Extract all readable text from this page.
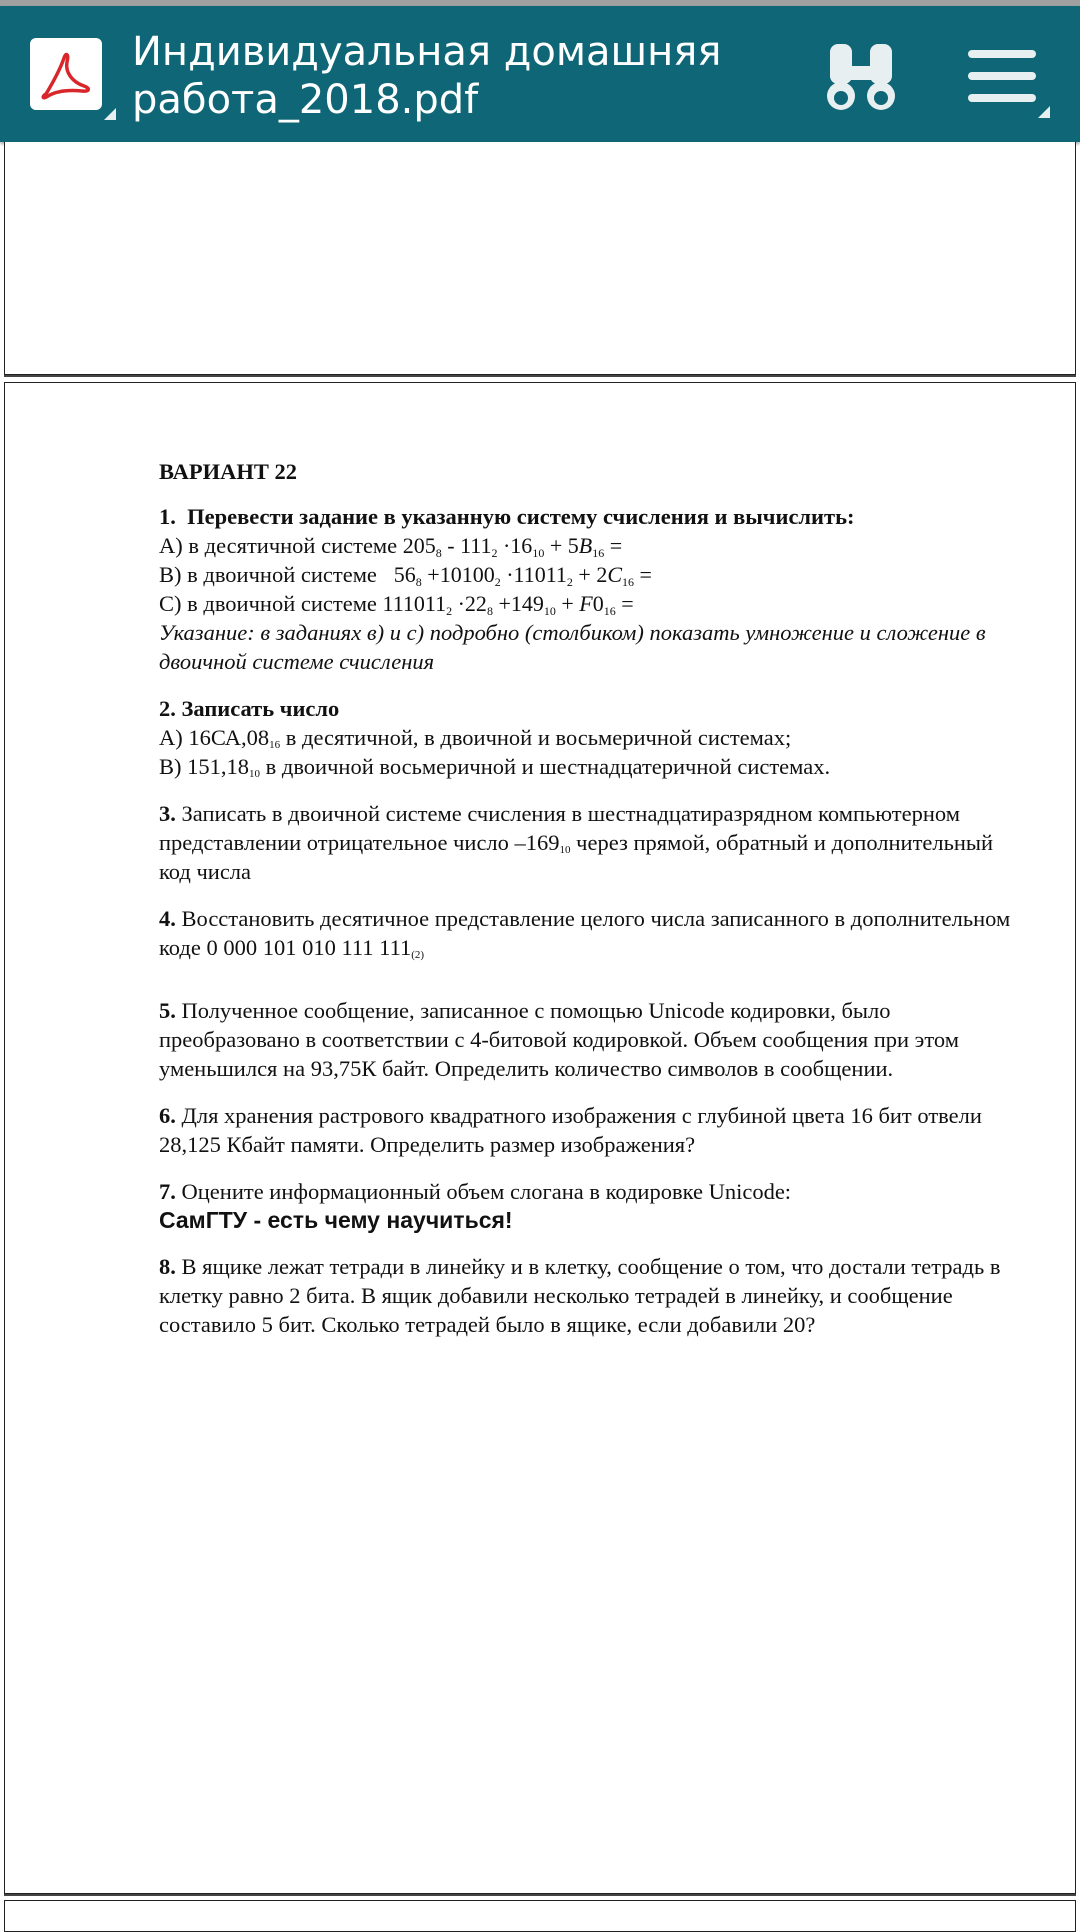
Индивидуальная домашняя работа_2018.pdf

ВАРИАНТ 22

1. Перевести задание в указанную систему счисления и вычислить:

А) в десятичной системе $205_8 - 111_2 \cdot 16_{10} + 5B_{16}$ =

В) в двоичной системе $56_8 +10100_2 \cdot 11011_2 + 2C_{16}$ =

С) в двоичной системе $111011_2 \cdot 22_8 +149_{10} + F0_{16}$ =

Указание: в заданиях в) и с) подробно (столбиком) показать умножение и сложение в двоичной системе счисления

2. Записать число

А) $16СА,08_{16}$ в десятичной, в двоичной и восьмеричной системах;

В) $151,18_{10}$ в двоичной восьмеричной и шестнадцатеричной системах.

3. Записать в двоичной системе счисления в шестнадцатиразрядном компьютерном представлении отрицательное число $-169_{10}$ через прямой, обратный и дополнительный код числа

4. Восстановить десятичное представление целого числа записанного в дополнительном коде 0 000 101 010 111 $111_{(2)}$

5. Полученное сообщение, записанное с помощью Unicode кодировки, было преобразовано в соответствии с 4-битовой кодировкой. Объем сообщения при этом уменьшился на 93,75К байт. Определить количество символов в сообщении.

6. Для хранения растрового квадратного изображения с глубиной цвета 16 бит отвели 28,125 Кбайт памяти. Определить размер изображения?

7. Оцените информационный объем слогана в кодировке Unicode:

СамГТУ - есть чему научиться!

8. В ящике лежат тетради в линейку и в клетку, сообщение о том, что достали тетрадь в клетку равно 2 бита. В ящик добавили несколько тетрадей в линейку, и сообщение составило 5 бит. Сколько тетрадей было в ящике, если добавили 20?
